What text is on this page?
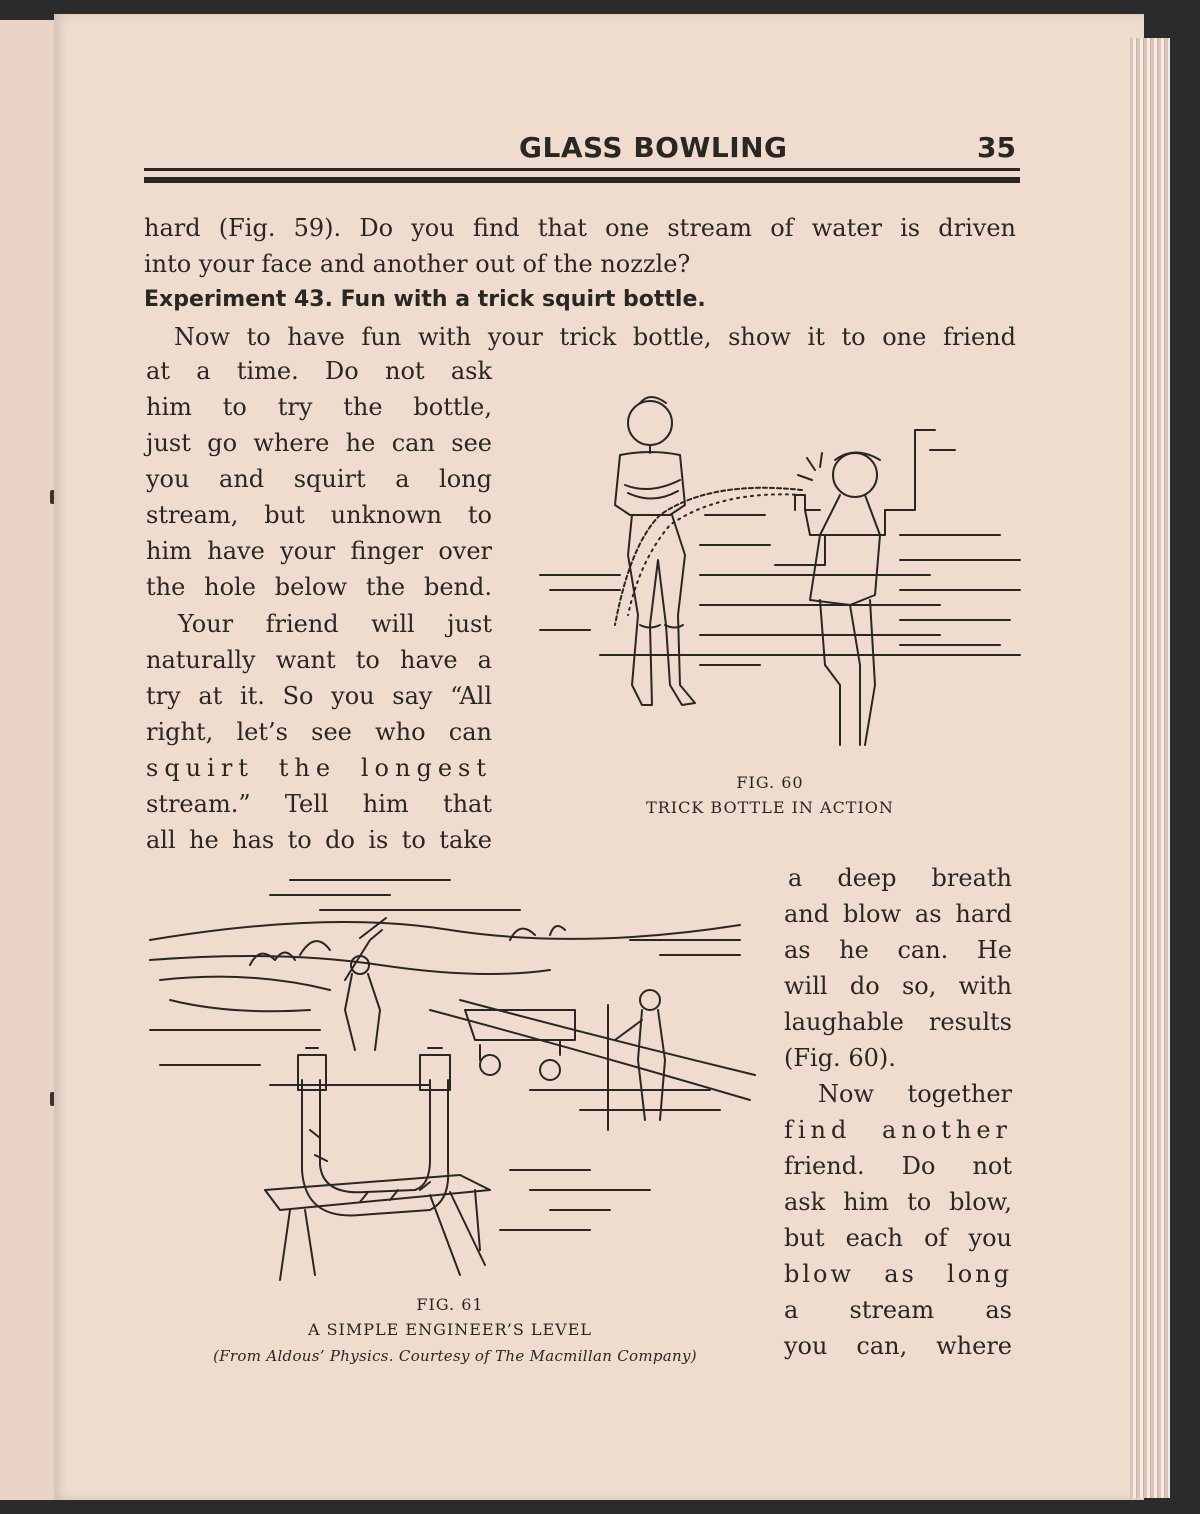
GLASS BOWLING	35
hard (Fig. 59). Do you find that one stream of water is driven
into your face and another out of the nozzle?
Experiment 43. Fun with a trick squirt bottle.
Now to have fun with your trick bottle, show it to one friend
at a time. Do not ask
him to try the bottle,
just go where he can see
you and squirt a long
stream, but unknown to
him have your finger over
the hole below the bend.
Your friend will just
naturally want to have a
try at it. So you say “All
right, let’s see who can
squirt the longest
stream.” Tell him that
all he has to do is to take
a deep breath
and blow as hard
as he can. He
will do so, with
laughable results
(Fig. 60).
Now together
find another
friend. Do not
ask him to blow,
but each of you
blow as long
a stream as
you can, where
FIG. 60
TRICK BOTTLE IN ACTION
FIG. 61
A SIMPLE ENGINEER’S LEVEL
(From Aldous’ Physics. Courtesy of The Macmillan Company)
